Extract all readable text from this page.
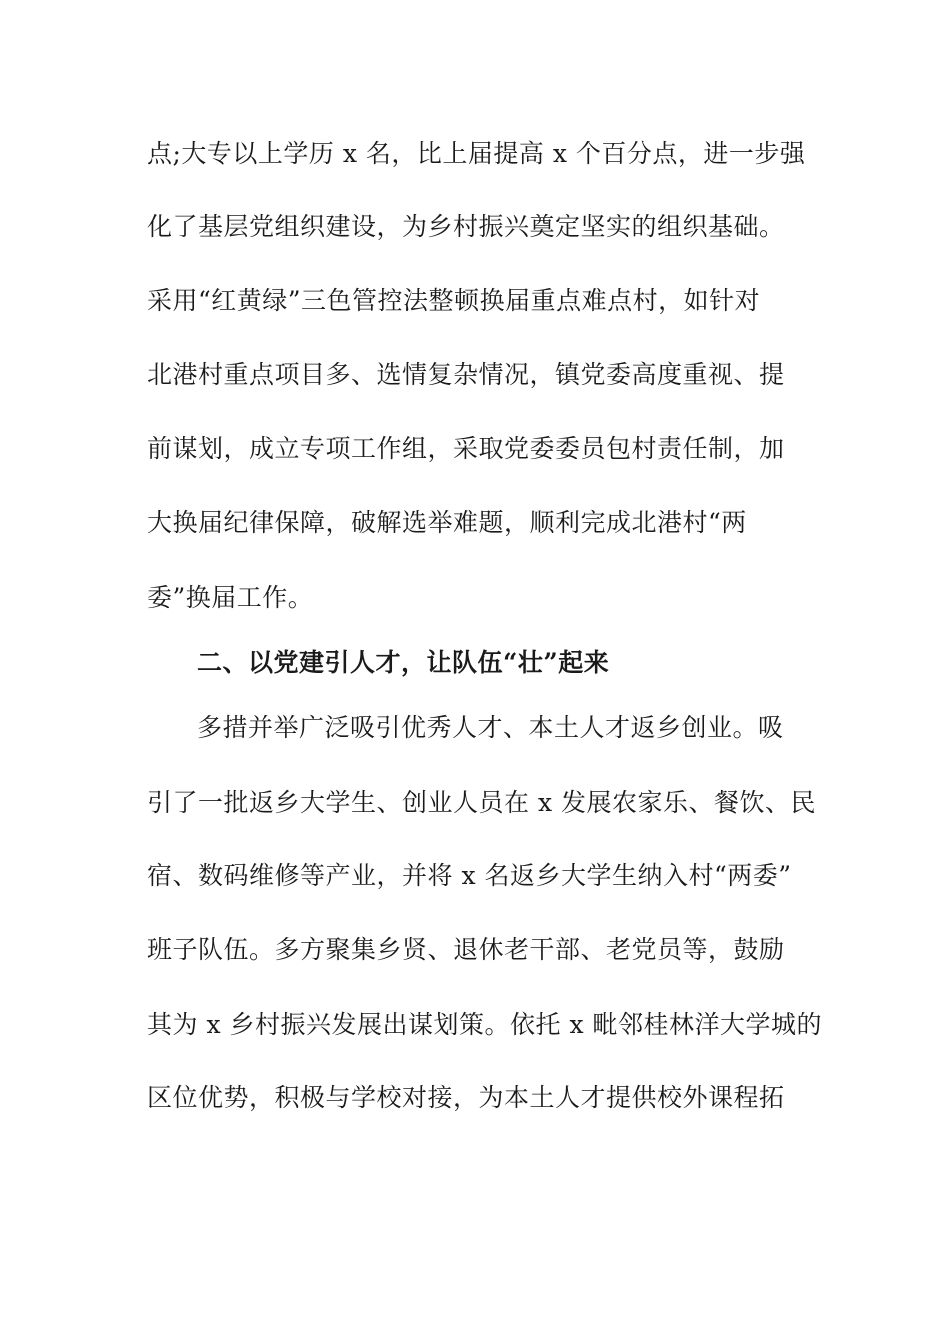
点;大专以上学历 x 名，比上届提高 x 个百分点，进一步强
化了基层党组织建设，为乡村振兴奠定坚实的组织基础。
采用“红黄绿”三色管控法整顿换届重点难点村，如针对
北港村重点项目多、选情复杂情况，镇党委高度重视、提
前谋划，成立专项工作组，采取党委委员包村责任制，加
大换届纪律保障，破解选举难题，顺利完成北港村“两
委”换届工作。
二、以党建引人才，让队伍“壮”起来
多措并举广泛吸引优秀人才、本土人才返乡创业。吸
引了一批返乡大学生、创业人员在 x 发展农家乐、餐饮、民
宿、数码维修等产业，并将 x 名返乡大学生纳入村“两委”
班子队伍。多方聚集乡贤、退休老干部、老党员等，鼓励
其为 x 乡村振兴发展出谋划策。依托 x 毗邻桂林洋大学城的
区位优势，积极与学校对接，为本土人才提供校外课程拓
